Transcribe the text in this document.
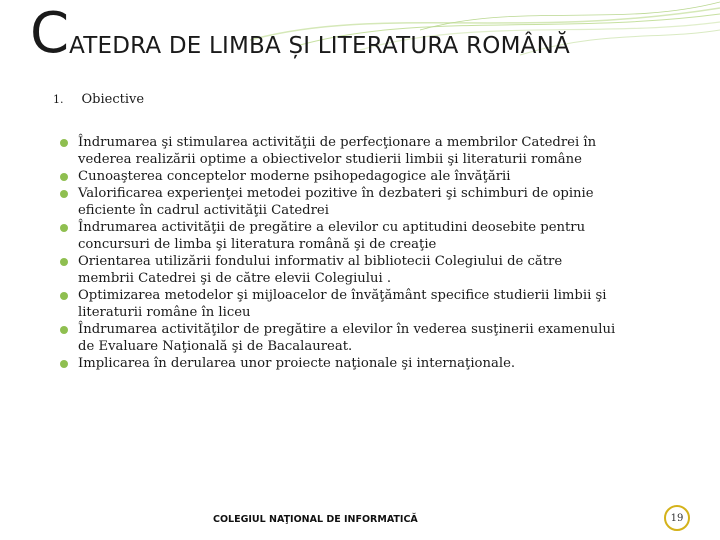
C ATEDRA DE LIMBA ȘI LITERATURA ROMÂNĂ
1. Obiective
Îndrumarea şi stimularea activităţii de perfecţionare a membrilor Catedrei în
vederea realizării optime a obiectivelor studierii limbii şi literaturii române
Cunoaşterea conceptelor moderne psihopedagogice ale învăţării
Valorificarea experienţei metodei pozitive în dezbateri şi schimburi de opinie
eficiente în cadrul activităţii Catedrei
Îndrumarea activităţii de pregătire a elevilor cu aptitudini deosebite pentru
concursuri de limba şi literatura română şi de creaţie
Orientarea utilizării fondului informativ al bibliotecii Colegiului de către
membrii Catedrei şi de către elevii Colegiului .
Optimizarea metodelor şi mijloacelor de învăţământ specifice studierii limbii şi
literaturii române în liceu
Îndrumarea activităţilor de pregătire a elevilor în vederea susţinerii examenului
de Evaluare Naţională şi de Bacalaureat.
Implicarea în derularea unor proiecte naţionale şi internaţionale.
COLEGIUL NAŢIONAL DE INFORMATICĂ	19
